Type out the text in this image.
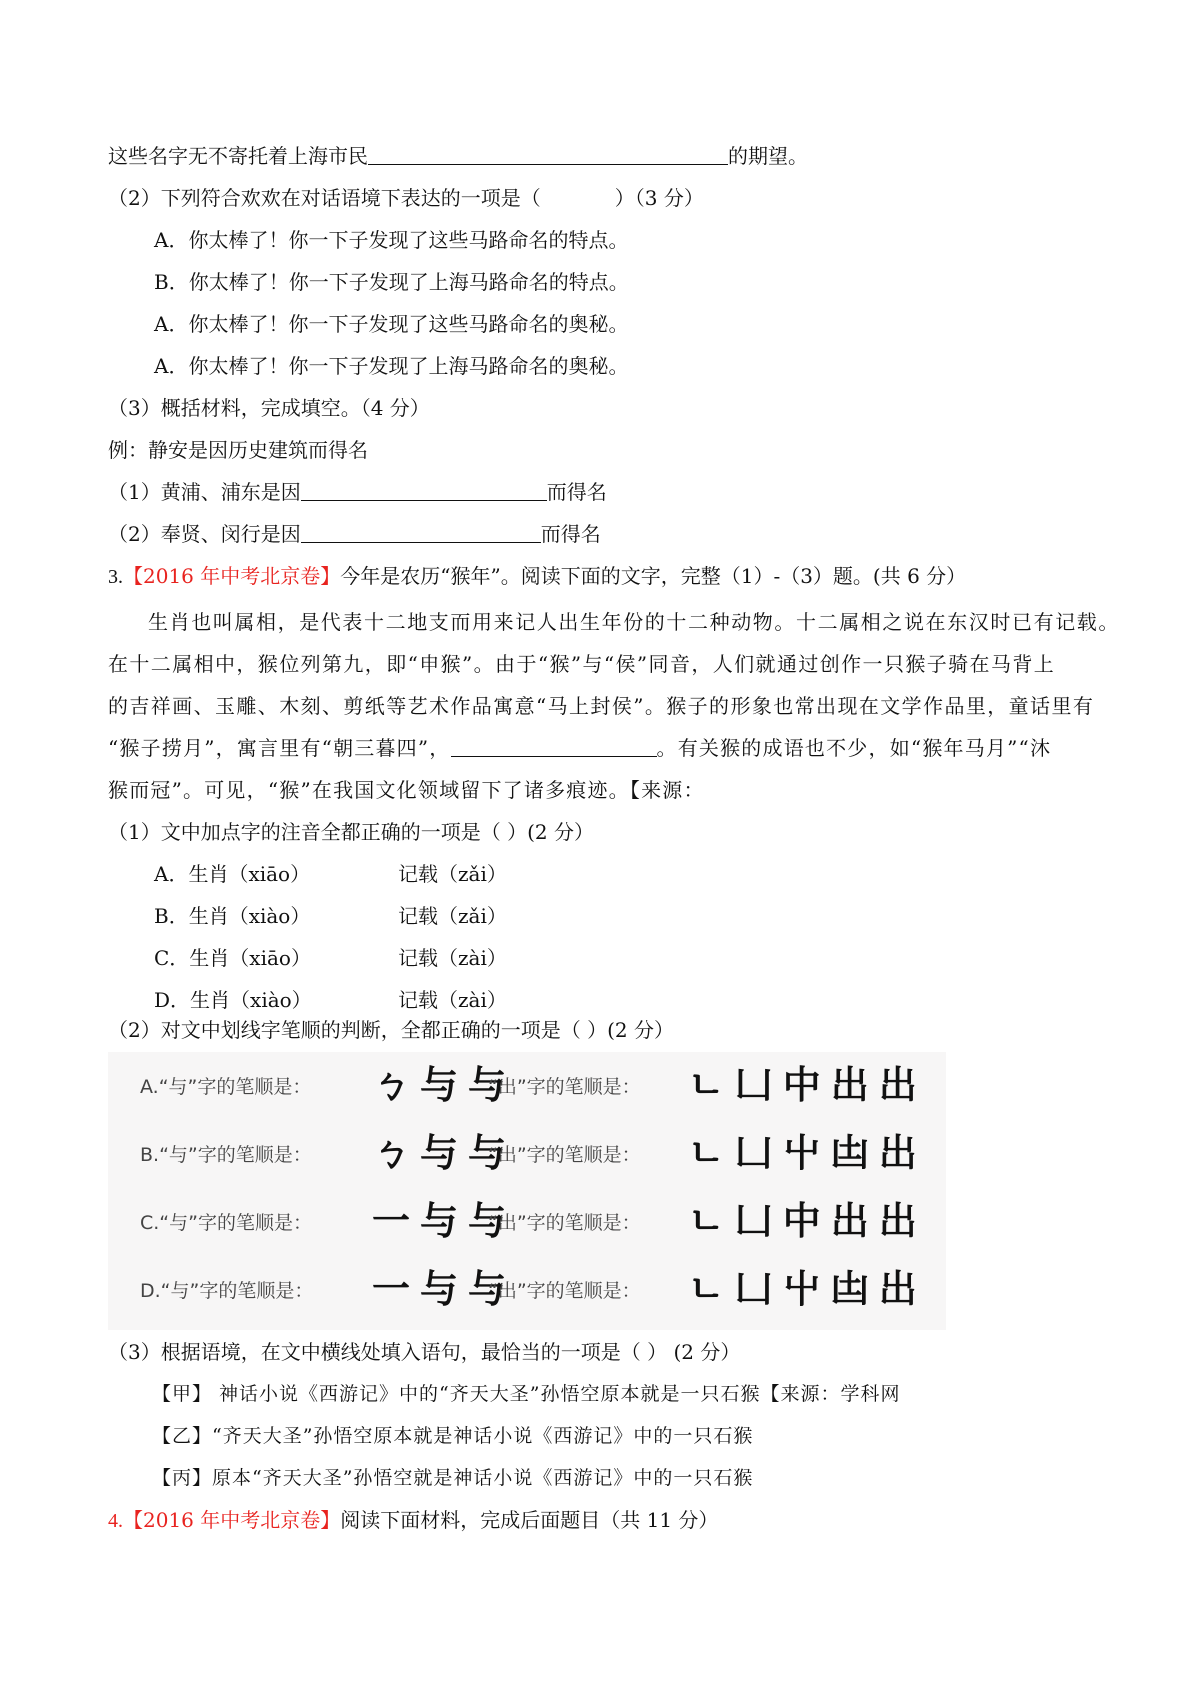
这些名字无不寄托着上海市民	的期望。
（2）下列符合欢欢在对话语境下表达的一项是（	）（3 分）
A．你太棒了！你一下子发现了这些马路命名的特点。
B．你太棒了！你一下子发现了上海马路命名的特点。
A．你太棒了！你一下子发现了这些马路命名的奥秘。
A．你太棒了！你一下子发现了上海马路命名的奥秘。
（3）概括材料，完成填空。（4 分）
例：静安是因历史建筑而得名
（1）黄浦、浦东是因	而得名
（2）奉贤、闵行是因	而得名
3.【2016 年中考北京卷】今年是农历“猴年”。阅读下面的文字，完整（1）-（3）题。(共 6 分）
生肖也叫属相，是代表十二地支而用来记人出生年份的十二种动物。十二属相之说在东汉时已有记载。
在十二属相中，猴位列第九，即“申猴”。由于“猴”与“侯”同音，人们就通过创作一只猴子骑在马背上
的吉祥画、玉雕、木刻、剪纸等艺术作品寓意“马上封侯”。猴子的形象也常出现在文学作品里，童话里有
“猴子捞月”，寓言里有“朝三暮四”，	。有关猴的成语也不少，如“猴年马月”“沐
猴而冠”。可见，“猴”在我国文化领域留下了诸多痕迹。【来源：
（1）文中加点字的注音全都正确的一项是（ ）(2 分）
A．生肖（xiāo）	记载（zǎi）
B．生肖（xiào）	记载（zǎi）
C．生肖（xiāo）	记载（zài）
D．生肖（xiào）	记载（zài）
（2）对文中划线字笔顺的判断，全都正确的一项是（ ）(2 分）
A.“与”字的笔顺是： ㄅ 与 与
“出”字的笔顺是： ㄴ 凵 中 出 出
B.“与”字的笔顺是： ㄅ 与 与
“出”字的笔顺是： ㄴ 凵 屮 凷 出
C.“与”字的笔顺是： 一 与 与
“出”字的笔顺是： ㄴ 凵 中 出 出
D.“与”字的笔顺是： 一 与 与
“出”字的笔顺是： ㄴ 凵 屮 凷 出
（3）根据语境，在文中横线处填入语句，最恰当的一项是（ ） (2 分）
【甲】 神话小说《西游记》中的“齐天大圣”孙悟空原本就是一只石猴【来源：学科网
【乙】“齐天大圣”孙悟空原本就是神话小说《西游记》中的一只石猴
【丙】原本“齐天大圣”孙悟空就是神话小说《西游记》中的一只石猴
4.【2016 年中考北京卷】阅读下面材料，完成后面题目（共 11 分）
